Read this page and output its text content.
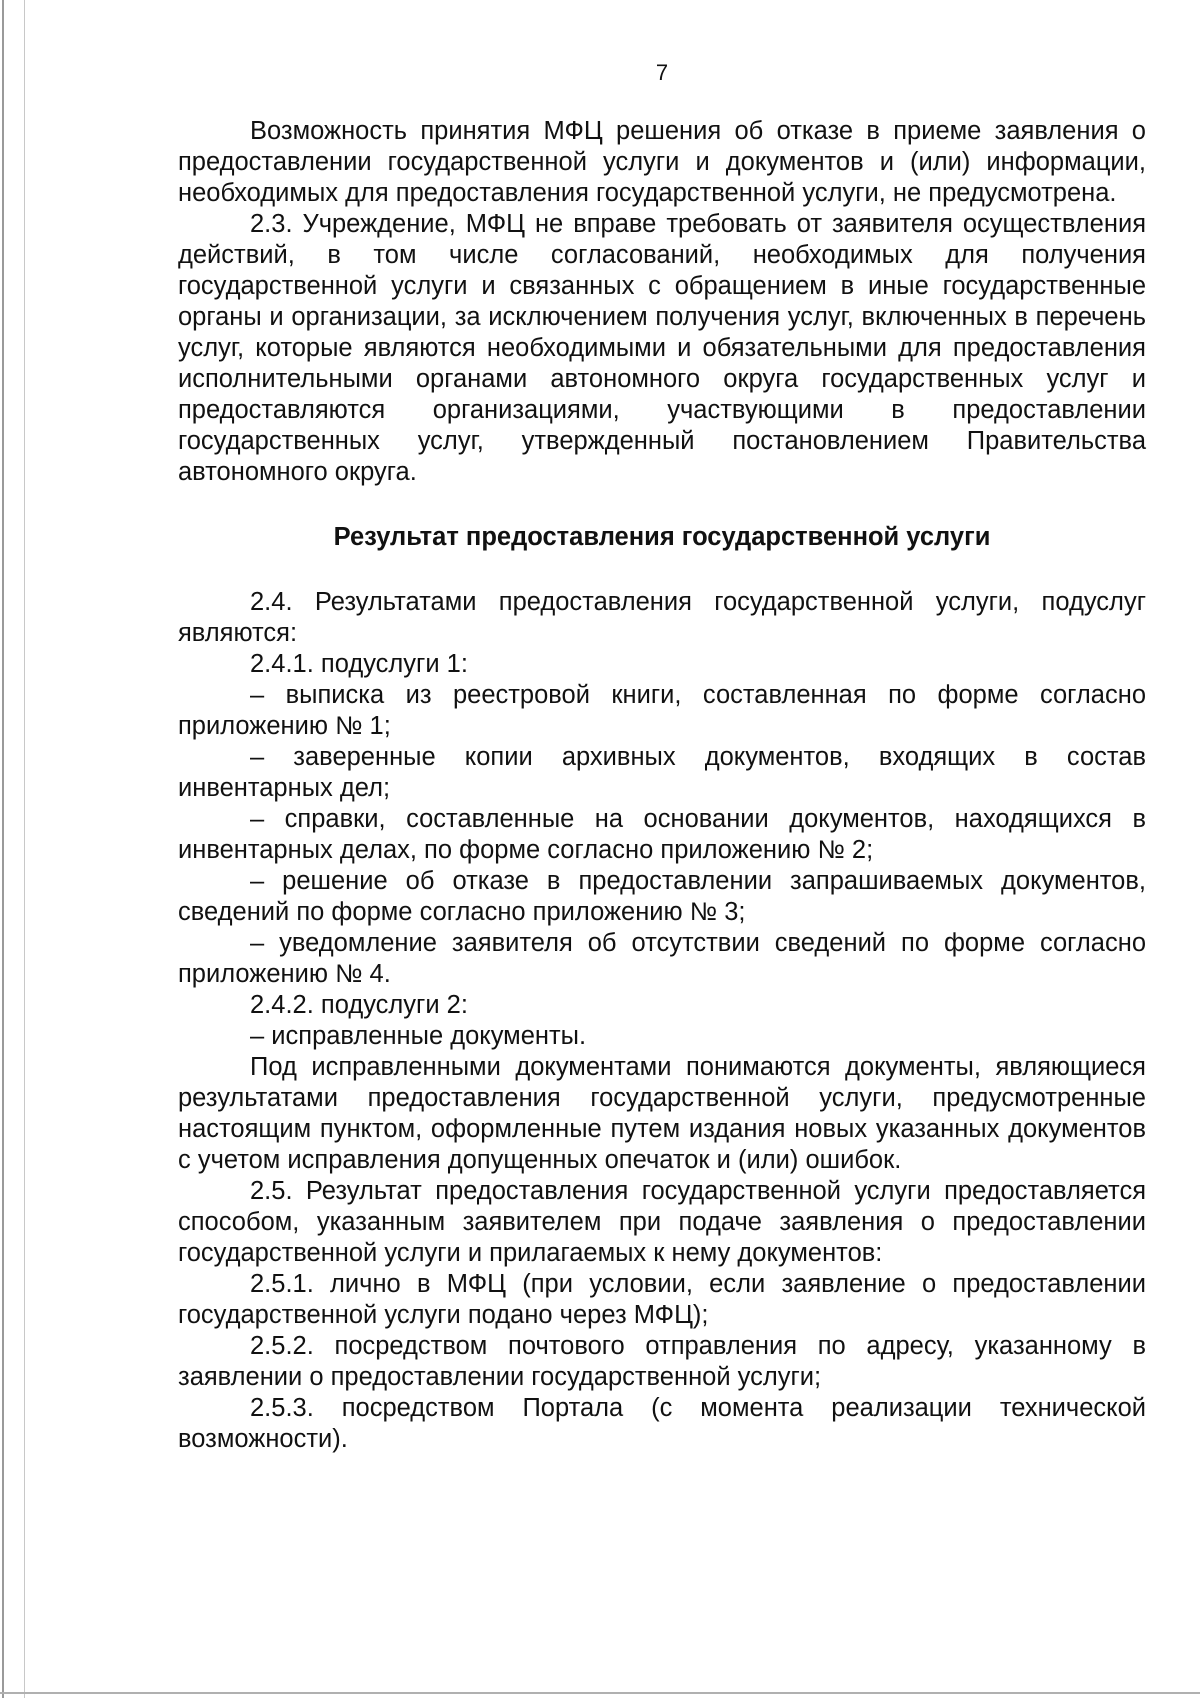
7

Возможность принятия МФЦ решения об отказе в приеме заявления о предоставлении государственной услуги и документов и (или) информации, необходимых для предоставления государственной услуги, не предусмотрена.

2.3. Учреждение, МФЦ не вправе требовать от заявителя осуществления действий, в том числе согласований, необходимых для получения государственной услуги и связанных с обращением в иные государственные органы и организации, за исключением получения услуг, включенных в перечень услуг, которые являются необходимыми и обязательными для предоставления исполнительными органами автономного округа государственных услуг и предоставляются организациями, участвующими в предоставлении государственных услуг, утвержденный постановлением Правительства автономного округа.

Результат предоставления государственной услуги

2.4. Результатами предоставления государственной услуги, подуслуг являются:

2.4.1. подуслуги 1:

– выписка из реестровой книги, составленная по форме согласно приложению № 1;

– заверенные копии архивных документов, входящих в состав инвентарных дел;

– справки, составленные на основании документов, находящихся в инвентарных делах, по форме согласно приложению № 2;

– решение об отказе в предоставлении запрашиваемых документов, сведений по форме согласно приложению № 3;

– уведомление заявителя об отсутствии сведений по форме согласно приложению № 4.

2.4.2. подуслуги 2:

– исправленные документы.

Под исправленными документами понимаются документы, являющиеся результатами предоставления государственной услуги, предусмотренные настоящим пунктом, оформленные путем издания новых указанных документов с учетом исправления допущенных опечаток и (или) ошибок.

2.5. Результат предоставления государственной услуги предоставляется способом, указанным заявителем при подаче заявления о предоставлении государственной услуги и прилагаемых к нему документов:

2.5.1. лично в МФЦ (при условии, если заявление о предоставлении государственной услуги подано через МФЦ);

2.5.2. посредством почтового отправления по адресу, указанному в заявлении о предоставлении государственной услуги;

2.5.3. посредством Портала (с момента реализации технической возможности).
